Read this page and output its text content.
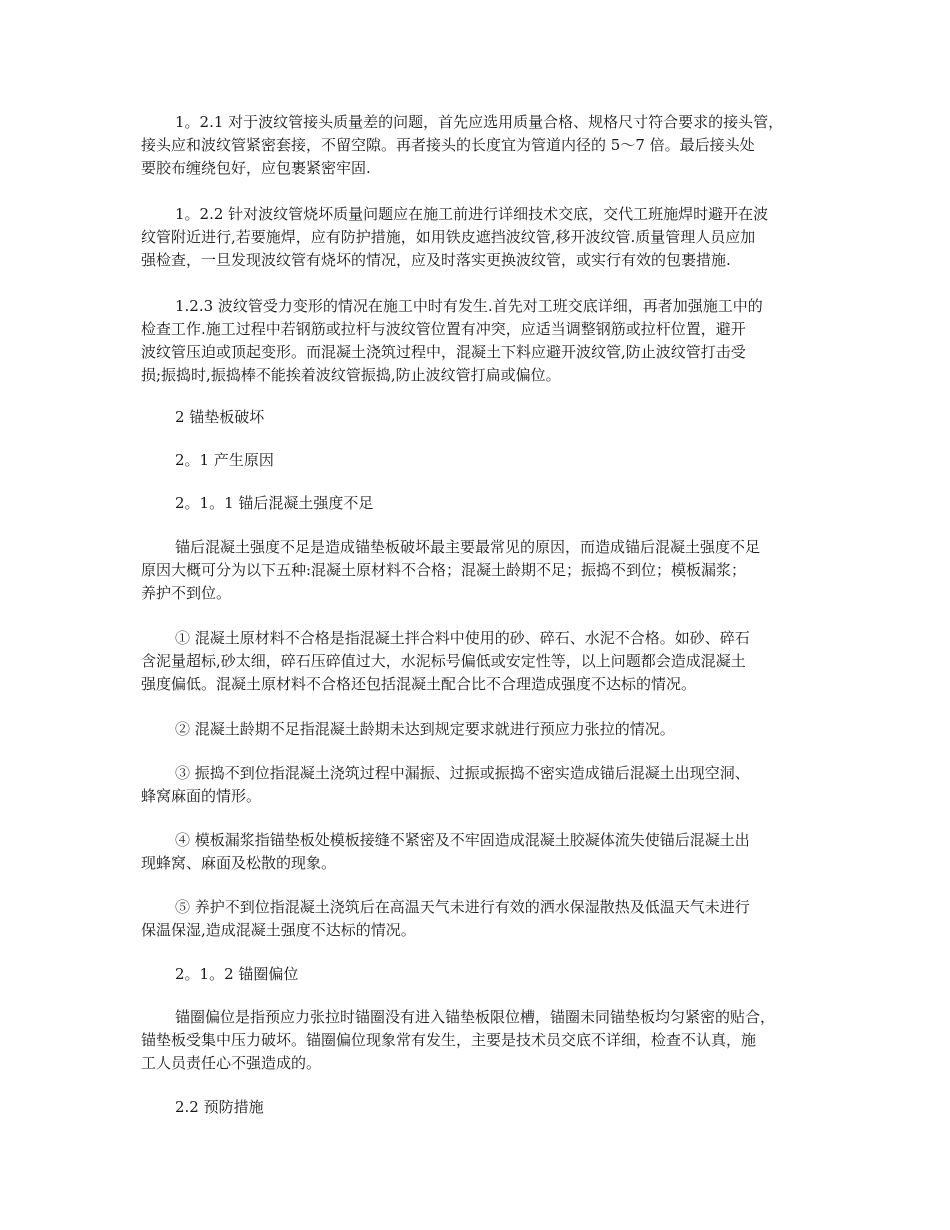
1。2.1 对于波纹管接头质量差的问题，首先应选用质量合格、规格尺寸符合要求的接头管，
接头应和波纹管紧密套接，不留空隙。再者接头的长度宜为管道内径的 5～7 倍。最后接头处
要胶布缠绕包好，应包裹紧密牢固.

1。2.2 针对波纹管烧坏质量问题应在施工前进行详细技术交底，交代工班施焊时避开在波
纹管附近进行,若要施焊，应有防护措施，如用铁皮遮挡波纹管,移开波纹管.质量管理人员应加
强检查，一旦发现波纹管有烧坏的情况，应及时落实更换波纹管，或实行有效的包裹措施.

1.2.3 波纹管受力变形的情况在施工中时有发生.首先对工班交底详细，再者加强施工中的
检查工作.施工过程中若钢筋或拉杆与波纹管位置有冲突，应适当调整钢筋或拉杆位置，避开
波纹管压迫或顶起变形。而混凝土浇筑过程中，混凝土下料应避开波纹管,防止波纹管打击受
损;振捣时,振捣棒不能挨着波纹管振捣,防止波纹管打扁或偏位。

2 锚垫板破坏

2。1 产生原因

2。1。1 锚后混凝土强度不足

锚后混凝土强度不足是造成锚垫板破坏最主要最常见的原因，而造成锚后混凝土强度不足
原因大概可分为以下五种:混凝土原材料不合格；混凝土龄期不足；振捣不到位；模板漏浆；
养护不到位。

① 混凝土原材料不合格是指混凝土拌合料中使用的砂、碎石、水泥不合格。如砂、碎石
含泥量超标,砂太细，碎石压碎值过大，水泥标号偏低或安定性等，以上问题都会造成混凝土
强度偏低。混凝土原材料不合格还包括混凝土配合比不合理造成强度不达标的情况。

② 混凝土龄期不足指混凝土龄期未达到规定要求就进行预应力张拉的情况。

③ 振捣不到位指混凝土浇筑过程中漏振、过振或振捣不密实造成锚后混凝土出现空洞、
蜂窝麻面的情形。

④ 模板漏浆指锚垫板处模板接缝不紧密及不牢固造成混凝土胶凝体流失使锚后混凝土出
现蜂窝、麻面及松散的现象。

⑤ 养护不到位指混凝土浇筑后在高温天气未进行有效的洒水保湿散热及低温天气未进行
保温保湿,造成混凝土强度不达标的情况。

2。1。2 锚圈偏位

锚圈偏位是指预应力张拉时锚圈没有进入锚垫板限位槽，锚圈未同锚垫板均匀紧密的贴合，
锚垫板受集中压力破坏。锚圈偏位现象常有发生，主要是技术员交底不详细，检查不认真，施
工人员责任心不强造成的。

2.2 预防措施
